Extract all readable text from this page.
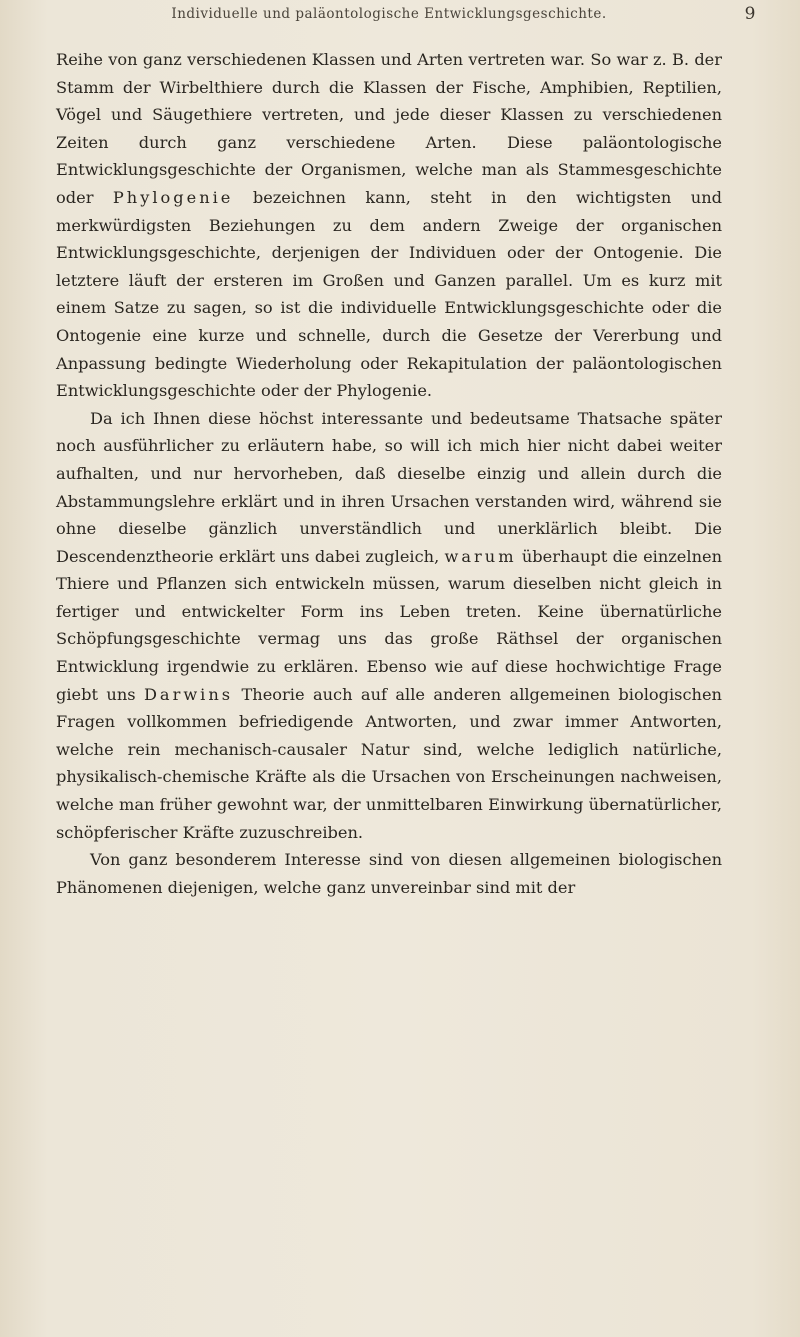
Individuelle und paläontologische Entwicklungsgeschichte.	9

Reihe von ganz verschiedenen Klassen und Arten vertreten war. So war z. B. der Stamm der Wirbelthiere durch die Klassen der Fische, Amphibien, Reptilien, Vögel und Säugethiere vertreten, und jede dieser Klassen zu verschiedenen Zeiten durch ganz verschiedene Arten. Diese paläontologische Entwicklungsgeschichte der Organismen, welche man als Stammesgeschichte oder Phylogenie bezeichnen kann, steht in den wichtigsten und merkwürdigsten Beziehungen zu dem andern Zweige der organischen Entwicklungsgeschichte, derjenigen der Individuen oder der Ontogenie. Die letztere läuft der ersteren im Großen und Ganzen parallel. Um es kurz mit einem Satze zu sagen, so ist die individuelle Entwicklungsgeschichte oder die Ontogenie eine kurze und schnelle, durch die Gesetze der Vererbung und Anpassung bedingte Wiederholung oder Rekapitulation der paläontologischen Entwicklungsgeschichte oder der Phylogenie.

Da ich Ihnen diese höchst interessante und bedeutsame Thatsache später noch ausführlicher zu erläutern habe, so will ich mich hier nicht dabei weiter aufhalten, und nur hervorheben, daß dieselbe einzig und allein durch die Abstammungslehre erklärt und in ihren Ursachen verstanden wird, während sie ohne dieselbe gänzlich unverständlich und unerklärlich bleibt. Die Descendenztheorie erklärt uns dabei zugleich, warum überhaupt die einzelnen Thiere und Pflanzen sich entwickeln müssen, warum dieselben nicht gleich in fertiger und entwickelter Form ins Leben treten. Keine übernatürliche Schöpfungsgeschichte vermag uns das große Räthsel der organischen Entwicklung irgendwie zu erklären. Ebenso wie auf diese hochwichtige Frage giebt uns Darwins Theorie auch auf alle anderen allgemeinen biologischen Fragen vollkommen befriedigende Antworten, und zwar immer Antworten, welche rein mechanisch-causaler Natur sind, welche lediglich natürliche, physikalisch-chemische Kräfte als die Ursachen von Erscheinungen nachweisen, welche man früher gewohnt war, der unmittelbaren Einwirkung übernatürlicher, schöpferischer Kräfte zuzuschreiben.

Von ganz besonderem Interesse sind von diesen allgemeinen biologischen Phänomenen diejenigen, welche ganz unvereinbar sind mit der
